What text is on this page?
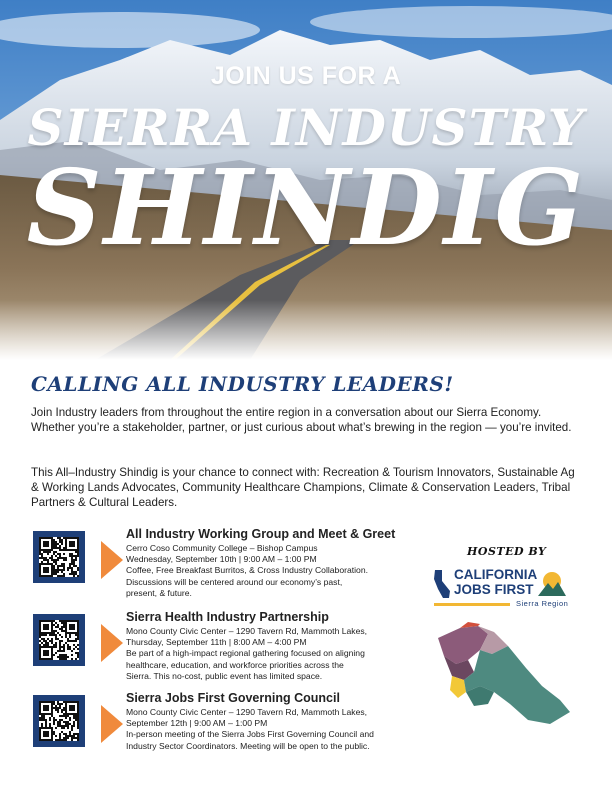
JOIN US FOR A
SIERRA INDUSTRY
SHINDIG
CALLING ALL INDUSTRY LEADERS!
Join Industry leaders from throughout the entire region in a conversation about our Sierra Economy. Whether you’re a stakeholder, partner, or just curious about what’s brewing in the region — you’re invited.
This All–Industry Shindig is your chance to connect with: Recreation & Tourism Innovators, Sustainable Ag & Working Lands Advocates, Community Healthcare Champions, Climate & Conservation Leaders, Tribal Partners & Cultural Leaders.
All Industry Working Group and Meet & Greet
Cerro Coso Community College – Bishop Campus
Wednesday, September 10th | 9:00 AM – 1:00 PM
Coffee, Free Breakfast Burritos, & Cross Industry Collaboration.
Discussions will be centered around our economy’s past,
present, & future.
Sierra Health Industry Partnership
Mono County Civic Center – 1290 Tavern Rd, Mammoth Lakes,
Thursday, September 11th | 8:00 AM – 4:00 PM
Be part of a high-impact regional gathering focused on aligning
healthcare, education, and workforce priorities across the
Sierra. This no-cost, public event has limited space.
Sierra Jobs First Governing Council
Mono County Civic Center – 1290 Tavern Rd, Mammoth Lakes,
September 12th | 9:00 AM – 1:00 PM
In-person meeting of the Sierra Jobs First Governing Council and
Industry Sector Coordinators. Meeting will be open to the public.
HOSTED BY
CALIFORNIA
JOBS FIRST
Sierra Region
